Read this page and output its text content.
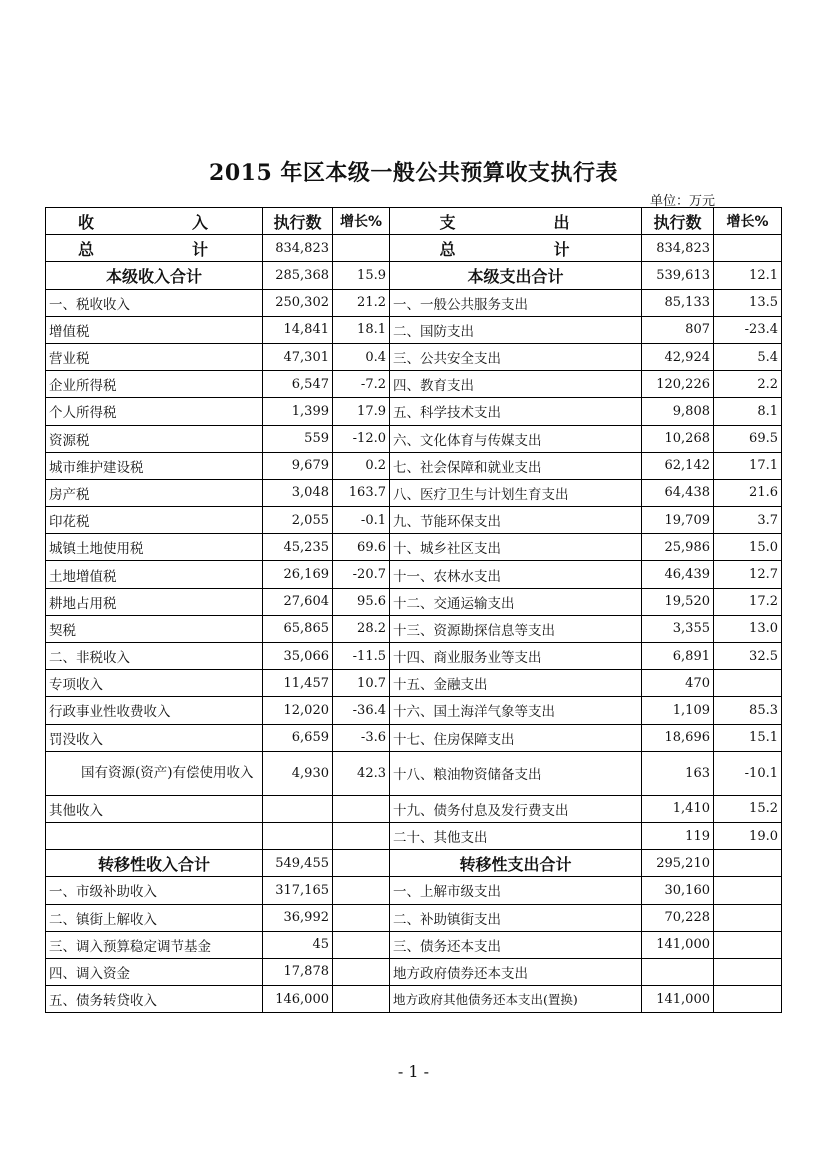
2015 年区本级一般公共预算收支执行表
单位：万元
收　　入	执行数	增长%	支　　出	执行数	增长%
总　　计	834,823		总　　计	834,823	
本级收入合计	285,368	15.9	本级支出合计	539,613	12.1
一、税收收入	250,302	21.2	一、一般公共服务支出	85,133	13.5
增值税	14,841	18.1	二、国防支出	807	-23.4
营业税	47,301	0.4	三、公共安全支出	42,924	5.4
企业所得税	6,547	-7.2	四、教育支出	120,226	2.2
个人所得税	1,399	17.9	五、科学技术支出	9,808	8.1
资源税	559	-12.0	六、文化体育与传媒支出	10,268	69.5
城市维护建设税	9,679	0.2	七、社会保障和就业支出	62,142	17.1
房产税	3,048	163.7	八、医疗卫生与计划生育支出	64,438	21.6
印花税	2,055	-0.1	九、节能环保支出	19,709	3.7
城镇土地使用税	45,235	69.6	十、城乡社区支出	25,986	15.0
土地增值税	26,169	-20.7	十一、农林水支出	46,439	12.7
耕地占用税	27,604	95.6	十二、交通运输支出	19,520	17.2
契税	65,865	28.2	十三、资源勘探信息等支出	3,355	13.0
二、非税收入	35,066	-11.5	十四、商业服务业等支出	6,891	32.5
专项收入	11,457	10.7	十五、金融支出	470	
行政事业性收费收入	12,020	-36.4	十六、国土海洋气象等支出	1,109	85.3
罚没收入	6,659	-3.6	十七、住房保障支出	18,696	15.1
国有资源(资产)有偿使用收入	4,930	42.3	十八、粮油物资储备支出	163	-10.1
其他收入			十九、债务付息及发行费支出	1,410	15.2
			二十、其他支出	119	19.0
转移性收入合计	549,455		转移性支出合计	295,210	
一、市级补助收入	317,165		一、上解市级支出	30,160	
二、镇街上解收入	36,992		二、补助镇街支出	70,228	
三、调入预算稳定调节基金	45		三、债务还本支出	141,000	
四、调入资金	17,878		地方政府债券还本支出		
五、债务转贷收入	146,000		地方政府其他债务还本支出(置换)	141,000	
- 1 -
